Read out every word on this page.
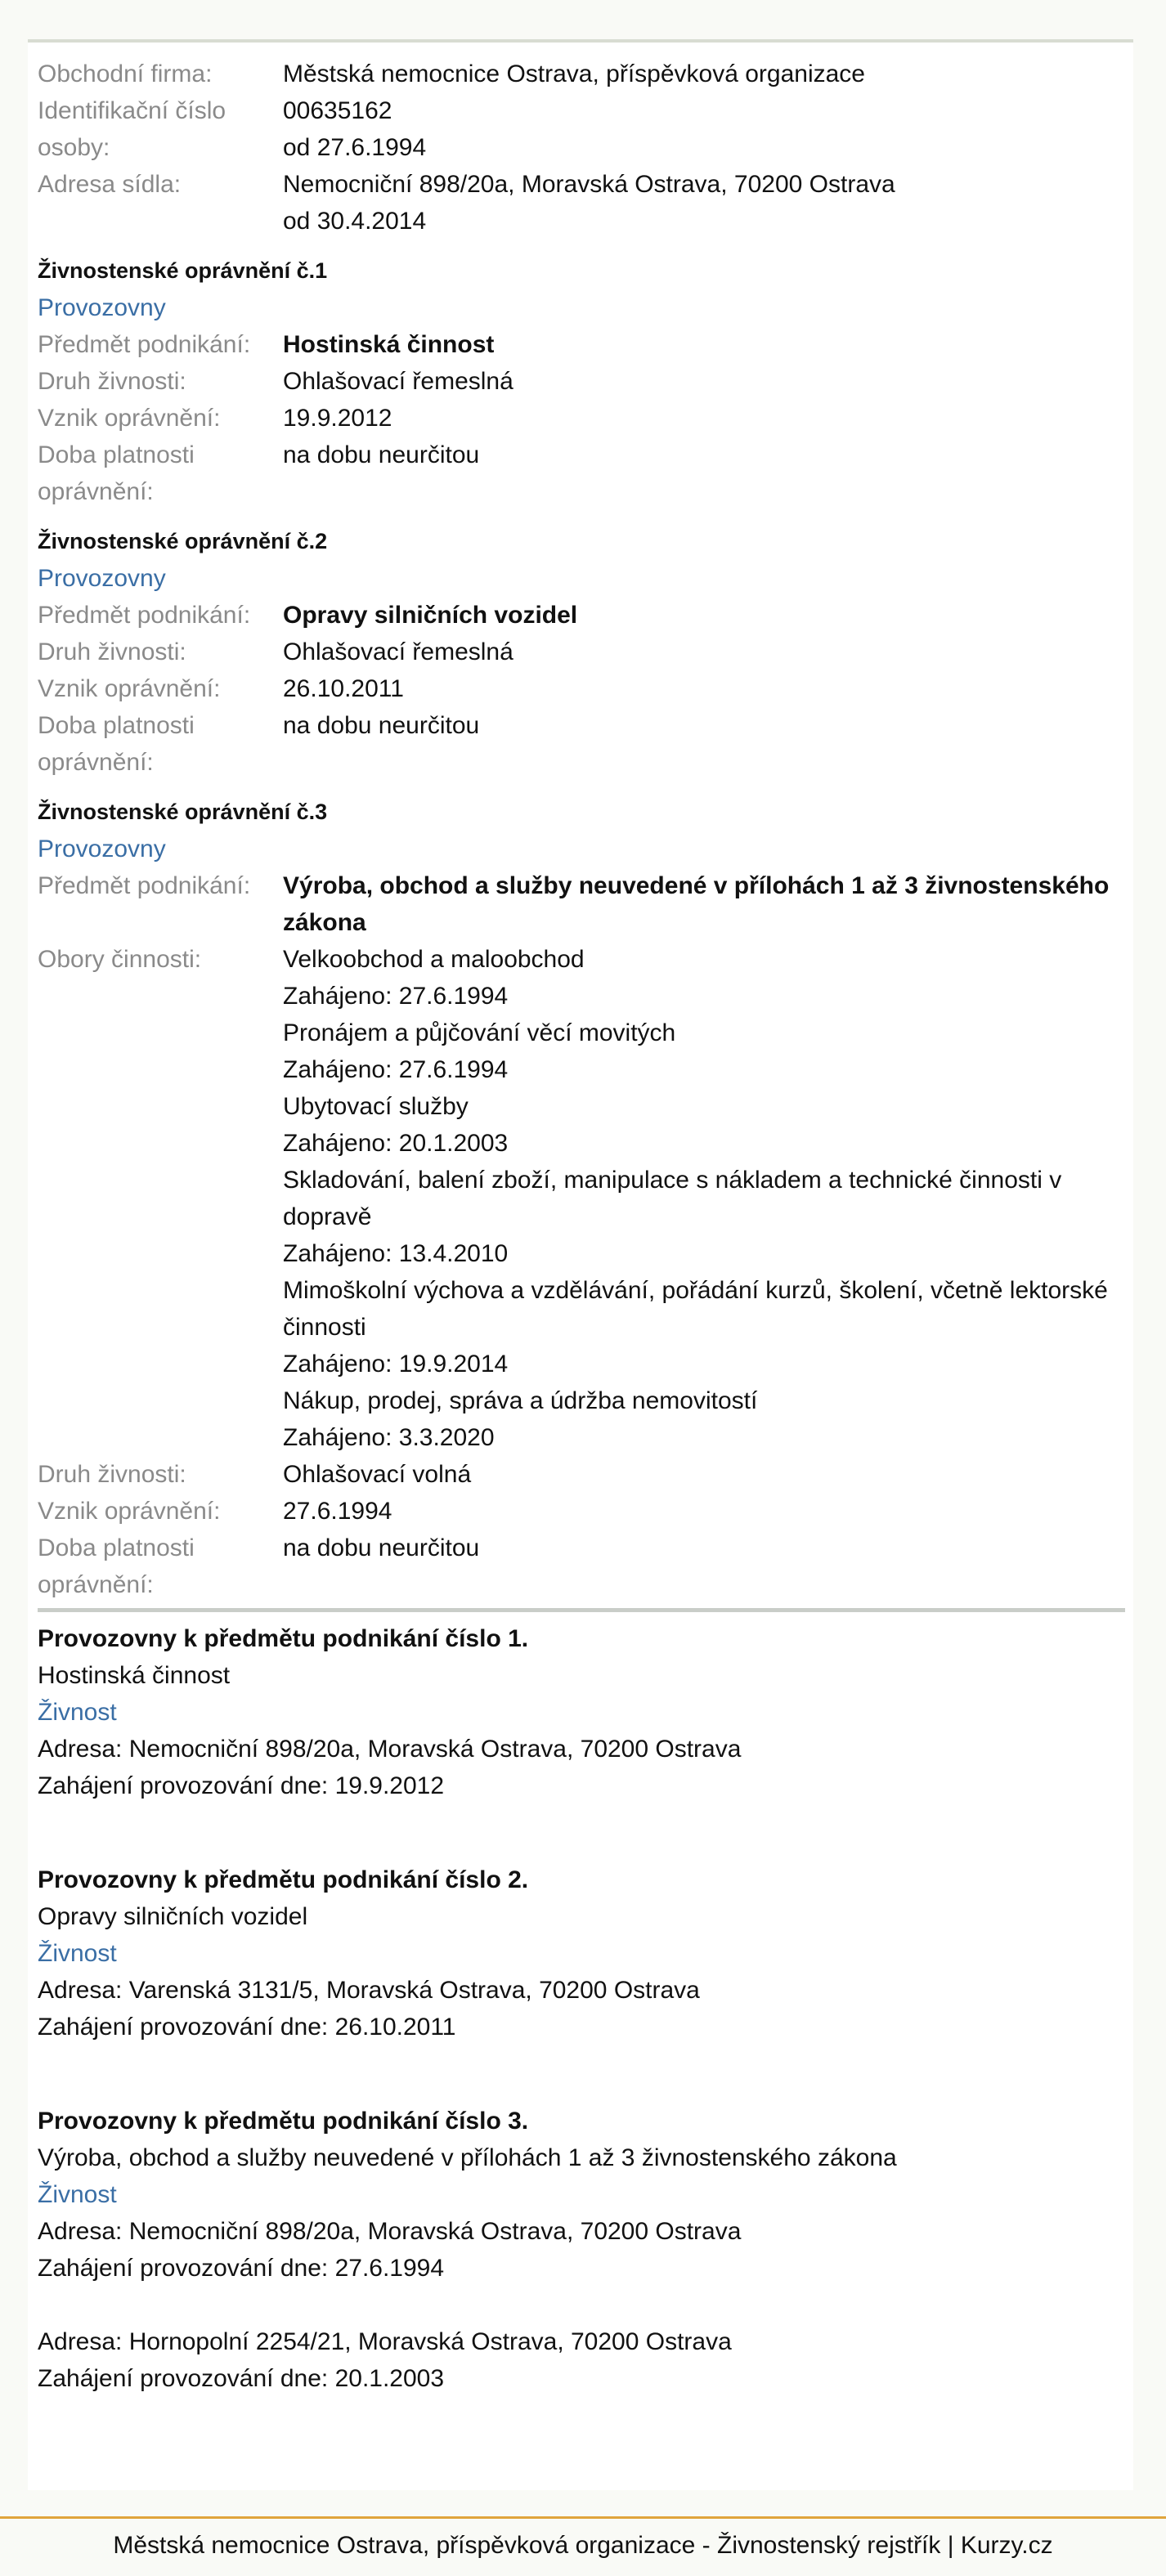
Obchodní firma:	Městská nemocnice Ostrava, příspěvková organizace
Identifikační číslo	00635162
osoby:	od 27.6.1994
Adresa sídla:	Nemocniční 898/20a, Moravská Ostrava, 70200 Ostrava
od 30.4.2014
Živnostenské oprávnění č.1
Provozovny
Předmět podnikání:	Hostinská činnost
Druh živnosti:	Ohlašovací řemeslná
Vznik oprávnění:	19.9.2012
Doba platnosti	na dobu neurčitou
oprávnění:
Živnostenské oprávnění č.2
Provozovny
Předmět podnikání:	Opravy silničních vozidel
Druh živnosti:	Ohlašovací řemeslná
Vznik oprávnění:	26.10.2011
Doba platnosti	na dobu neurčitou
oprávnění:
Živnostenské oprávnění č.3
Provozovny
Předmět podnikání:	Výroba, obchod a služby neuvedené v přílohách 1 až 3 živnostenského
zákona
Obory činnosti:	Velkoobchod a maloobchod
Zahájeno: 27.6.1994
Pronájem a půjčování věcí movitých
Zahájeno: 27.6.1994
Ubytovací služby
Zahájeno: 20.1.2003
Skladování, balení zboží, manipulace s nákladem a technické činnosti v
dopravě
Zahájeno: 13.4.2010
Mimoškolní výchova a vzdělávání, pořádání kurzů, školení, včetně lektorské
činnosti
Zahájeno: 19.9.2014
Nákup, prodej, správa a údržba nemovitostí
Zahájeno: 3.3.2020
Druh živnosti:	Ohlašovací volná
Vznik oprávnění:	27.6.1994
Doba platnosti	na dobu neurčitou
oprávnění:
Provozovny k předmětu podnikání číslo 1.
Hostinská činnost
Živnost
Adresa: Nemocniční 898/20a, Moravská Ostrava, 70200 Ostrava
Zahájení provozování dne: 19.9.2012
Provozovny k předmětu podnikání číslo 2.
Opravy silničních vozidel
Živnost
Adresa: Varenská 3131/5, Moravská Ostrava, 70200 Ostrava
Zahájení provozování dne: 26.10.2011
Provozovny k předmětu podnikání číslo 3.
Výroba, obchod a služby neuvedené v přílohách 1 až 3 živnostenského zákona
Živnost
Adresa: Nemocniční 898/20a, Moravská Ostrava, 70200 Ostrava
Zahájení provozování dne: 27.6.1994
Adresa: Hornopolní 2254/21, Moravská Ostrava, 70200 Ostrava
Zahájení provozování dne: 20.1.2003
Městská nemocnice Ostrava, příspěvková organizace - Živnostenský rejstřík | Kurzy.cz
